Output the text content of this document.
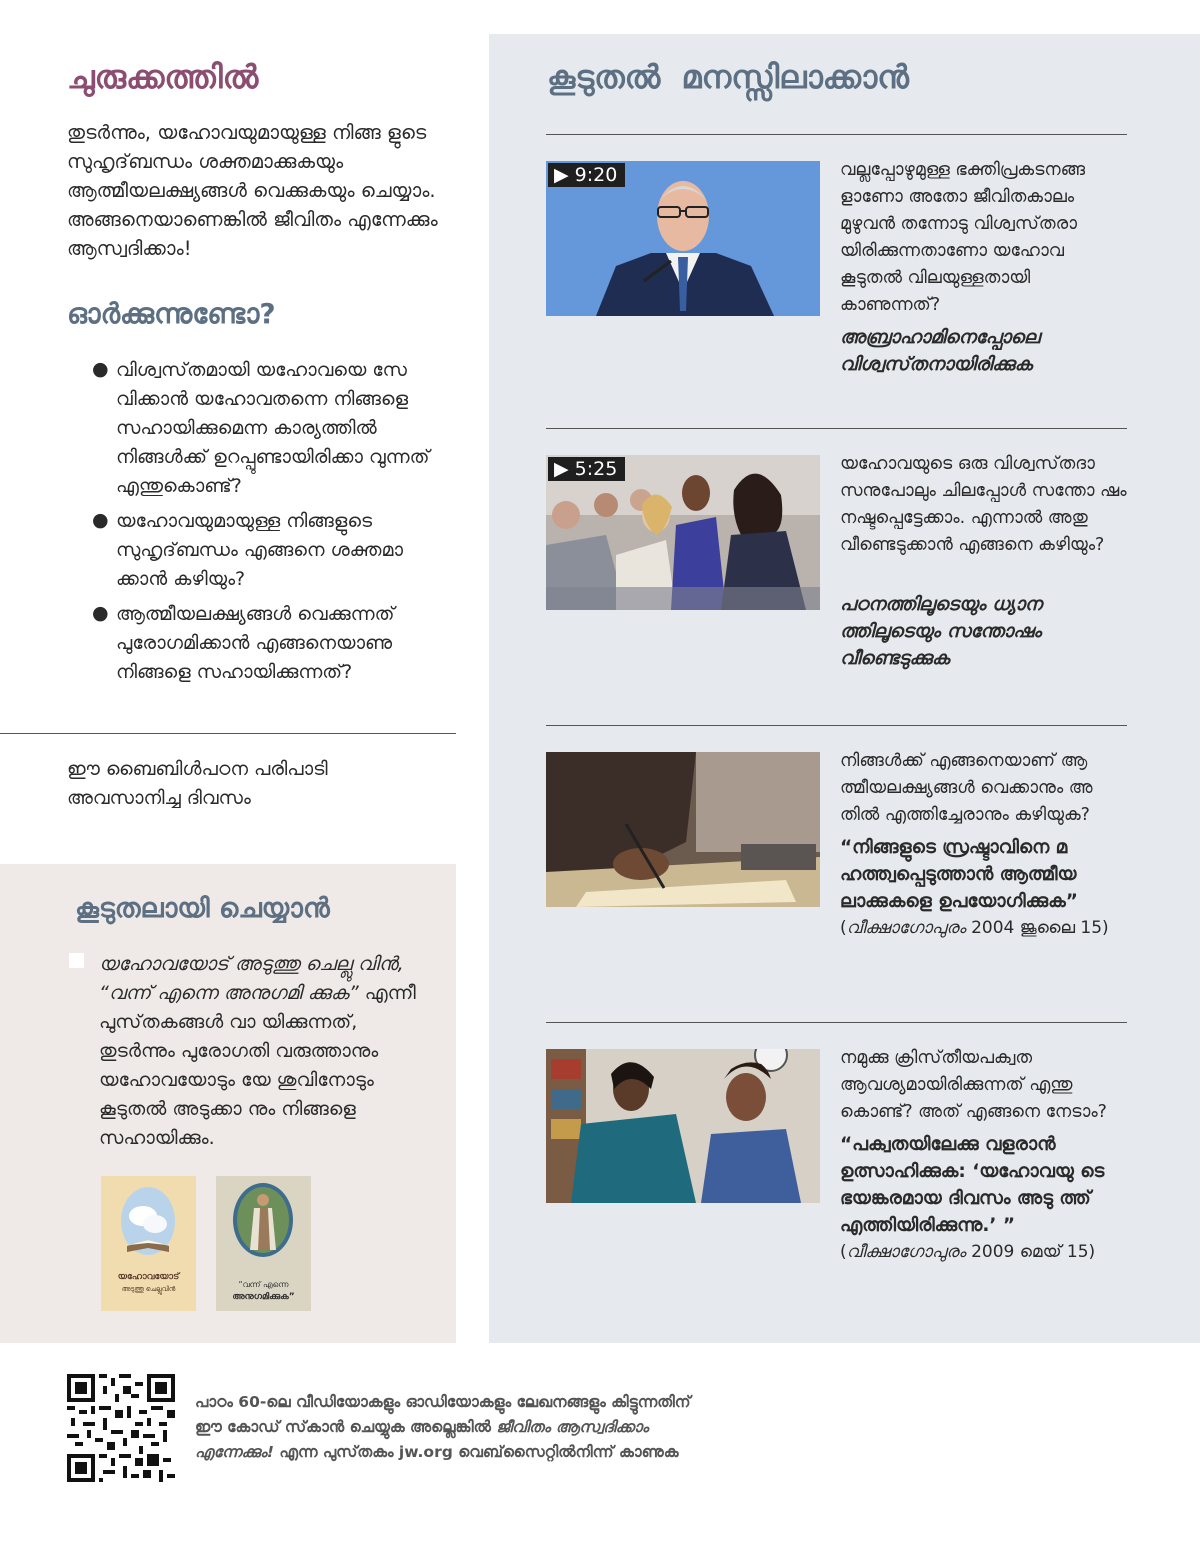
ചുരുക്കത്തിൽ

തുടർന്നും, യഹോവയുമായുള്ള നിങ്ങ ളുടെ സുഹൃദ്‌ബന്ധം ശക്തമാക്കുകയും ആത്മീയലക്ഷ്യങ്ങൾ വെക്കുകയും ചെയ്യാം. അങ്ങനെയാണെങ്കിൽ ജീവിതം എന്നേക്കും ആസ്വദിക്കാം!

ഓർക്കുന്നുണ്ടോ?
● വിശ്വസ്‌തമായി യഹോവയെ സേ വിക്കാൻ യഹോവതന്നെ നിങ്ങളെ സഹായിക്കുമെന്ന കാര്യത്തിൽ നിങ്ങൾക്ക് ഉറപ്പുണ്ടായിരിക്കാ വുന്നത്‌ എന്തുകൊണ്ട്?
● യഹോവയുമായുള്ള നിങ്ങളുടെ സുഹൃദ്‌ബന്ധം എങ്ങനെ ശക്തമാ ക്കാൻ കഴിയും?
● ആത്മീയലക്ഷ്യങ്ങൾ വെക്കുന്നത്‌ പുരോഗമിക്കാൻ എങ്ങനെയാണു നിങ്ങളെ സഹായിക്കുന്നത്‌?
ഈ ബൈബിൾപഠന പരിപാടി അവസാനിച്ച ദിവസം
കൂടുതലായി ചെയ്യാൻ
യഹോവയോട്‌ അടുത്തു ചെല്ലു വിൻ, “വന്ന്‌ എന്നെ അനുഗമി ക്കുക” എന്നീ പുസ്‌തകങ്ങൾ വാ യിക്കുന്നത്‌, തുടർന്നും പുരോഗതി വരുത്താനും യഹോവയോടും യേ ശുവിനോടും കൂടുതൽ അടുക്കാ നും നിങ്ങളെ സഹായിക്കും.
യഹോവയോട്‌
അടുത്തു ചെല്ലുവിൻ	“വന്ന്‌ എന്നെ
അനുഗമിക്കുക”
കൂടുതൽ മനസ്സിലാക്കാൻ
▶ 9:20	വല്ലപ്പോഴുമുള്ള ഭക്തിപ്രകടനങ്ങ ളാണോ അതോ ജീവിതകാലം മുഴുവൻ തന്നോടു വിശ്വസ്‌തരാ യിരിക്കുന്നതാണോ യഹോവ കൂടുതൽ വിലയുള്ളതായി കാണുന്നത്‌?
അബ്രാഹാമിനെപ്പോലെ വിശ്വസ്‌തനായിരിക്കുക
▶ 5:25	യഹോവയുടെ ഒരു വിശ്വസ്‌തദാ സനുപോലും ചിലപ്പോൾ സന്തോ ഷം നഷ്ടപ്പെട്ടേക്കാം. എന്നാൽ അതു വീണ്ടെടുക്കാൻ എങ്ങനെ കഴിയും?
പഠനത്തിലൂടെയും ധ്യാന ത്തിലൂടെയും സന്തോഷം വീണ്ടെടുക്കുക
നിങ്ങൾക്ക് എങ്ങനെയാണ്‌ ആ ത്മീയലക്ഷ്യങ്ങൾ വെക്കാനും അ തിൽ എത്തിച്ചേരാനും കഴിയുക?
“നിങ്ങളുടെ സ്രഷ്ടാവിനെ മ ഹത്ത്വപ്പെടുത്താൻ ആത്മീയ ലാക്കുകളെ ഉപയോഗിക്കുക”
(വീക്ഷാഗോപുരം 2004 ജൂലൈ 15)
നമുക്കു ക്രിസ്‌തീയപക്വത ആവശ്യമായിരിക്കുന്നത്‌ എന്തു കൊണ്ട്? അത്‌ എങ്ങനെ നേടാം?
“പക്വതയിലേക്കു വളരാൻ ഉത്സാഹിക്കുക: ‘യഹോവയു ടെ ഭയങ്കരമായ ദിവസം അടു ത്ത്‌ എത്തിയിരിക്കുന്നു.’ ”
(വീക്ഷാഗോപുരം 2009 മെയ്‌ 15)
പാഠം 60-ലെ വീഡിയോകളും ഓഡിയോകളും ലേഖനങ്ങളും കിട്ടുന്നതിന്‌ ഈ കോഡ്‌ സ്‌കാൻ ചെയ്യുക അല്ലെങ്കിൽ ജീവിതം ആസ്വദിക്കാം എന്നേക്കും! എന്ന പുസ്‌തകം jw.org വെബ്‌സൈറ്റിൽനിന്ന്‌ കാണുക
